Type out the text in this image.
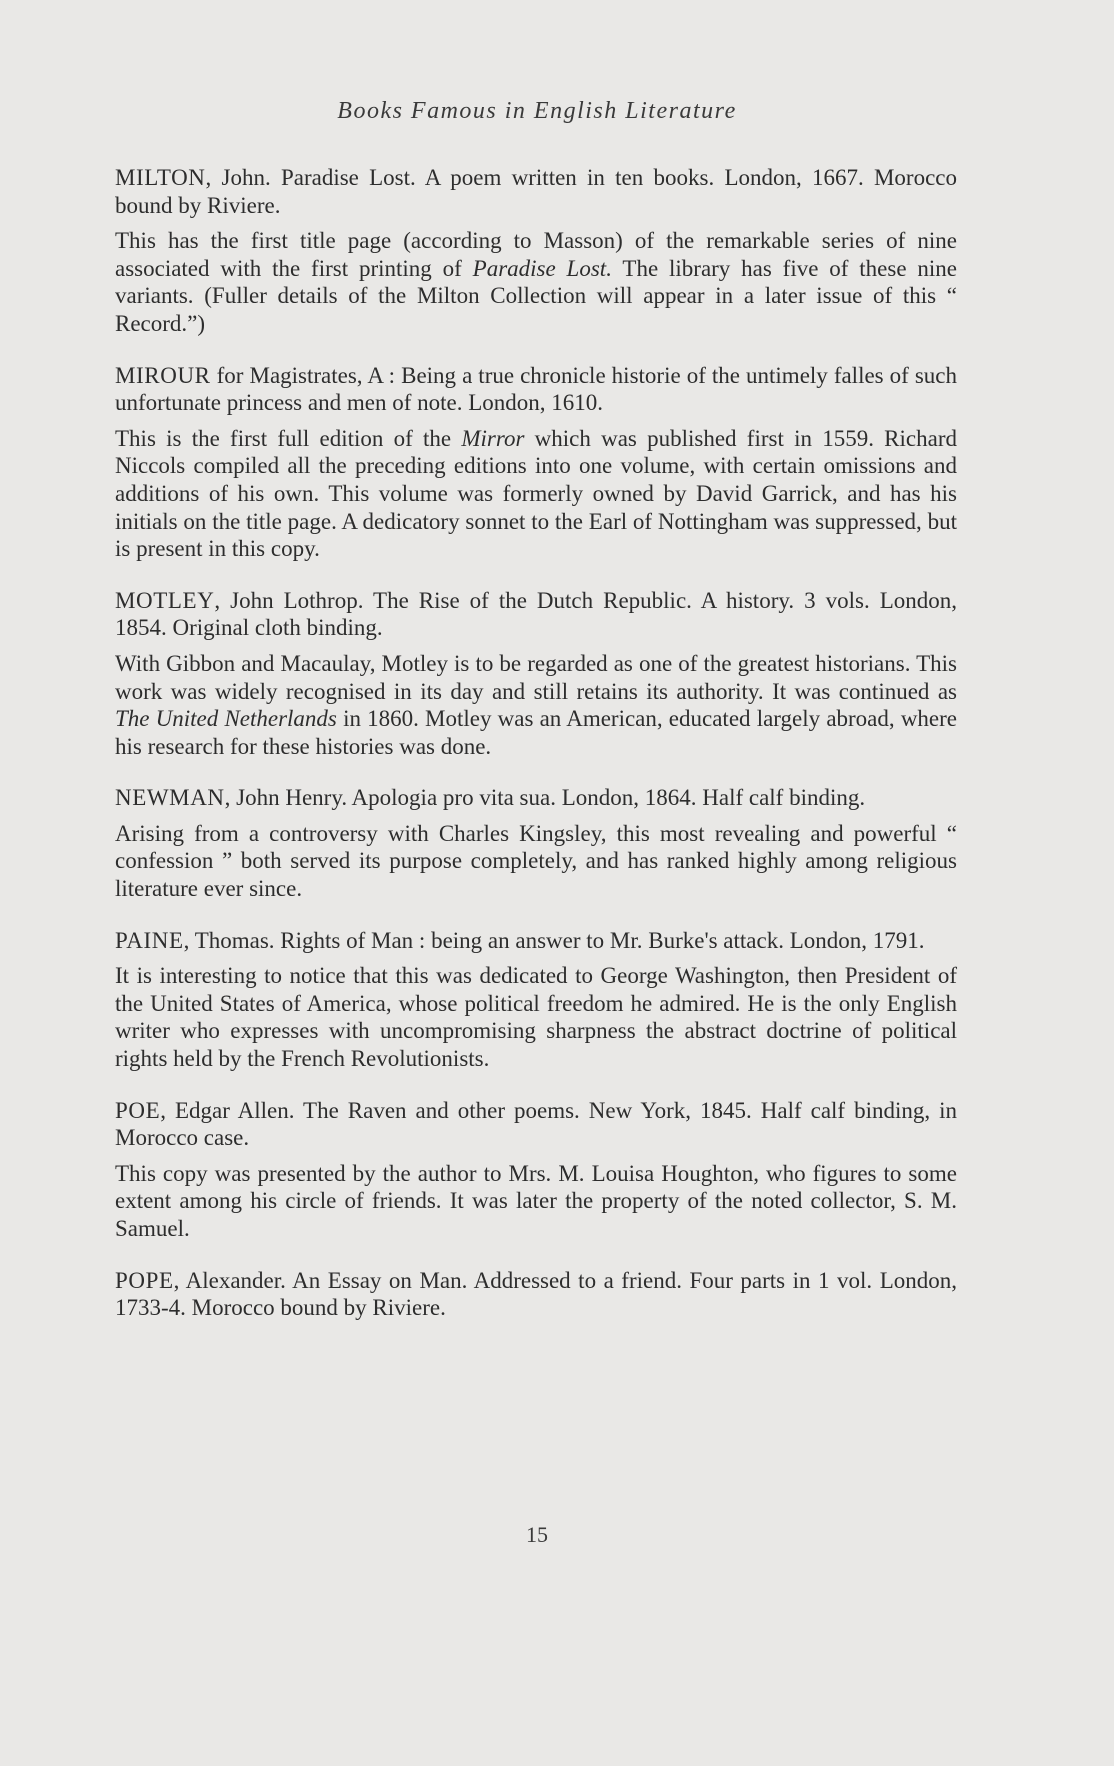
Books Famous in English Literature

MILTON, John. Paradise Lost. A poem written in ten books. London, 1667. Morocco bound by Riviere.

This has the first title page (according to Masson) of the remarkable series of nine associated with the first printing of Paradise Lost. The library has five of these nine variants. (Fuller details of the Milton Collection will appear in a later issue of this “ Record.”)

MIROUR for Magistrates, A : Being a true chronicle historie of the untimely falles of such unfortunate princess and men of note. London, 1610.

This is the first full edition of the Mirror which was published first in 1559. Richard Niccols compiled all the preceding editions into one volume, with certain omissions and additions of his own. This volume was formerly owned by David Garrick, and has his initials on the title page. A dedicatory sonnet to the Earl of Nottingham was suppressed, but is present in this copy.

MOTLEY, John Lothrop. The Rise of the Dutch Republic. A history. 3 vols. London, 1854. Original cloth binding.

With Gibbon and Macaulay, Motley is to be regarded as one of the greatest historians. This work was widely recognised in its day and still retains its authority. It was continued as The United Netherlands in 1860. Motley was an American, educated largely abroad, where his research for these histories was done.

NEWMAN, John Henry. Apologia pro vita sua. London, 1864. Half calf binding.

Arising from a controversy with Charles Kingsley, this most revealing and powerful “ confession ” both served its purpose completely, and has ranked highly among religious literature ever since.

PAINE, Thomas. Rights of Man : being an answer to Mr. Burke's attack. London, 1791.

It is interesting to notice that this was dedicated to George Washington, then President of the United States of America, whose political freedom he admired. He is the only English writer who expresses with uncompromising sharpness the abstract doctrine of political rights held by the French Revolutionists.

POE, Edgar Allen. The Raven and other poems. New York, 1845. Half calf binding, in Morocco case.

This copy was presented by the author to Mrs. M. Louisa Houghton, who figures to some extent among his circle of friends. It was later the property of the noted collector, S. M. Samuel.

POPE, Alexander. An Essay on Man. Addressed to a friend. Four parts in 1 vol. London, 1733-4. Morocco bound by Riviere.

15
